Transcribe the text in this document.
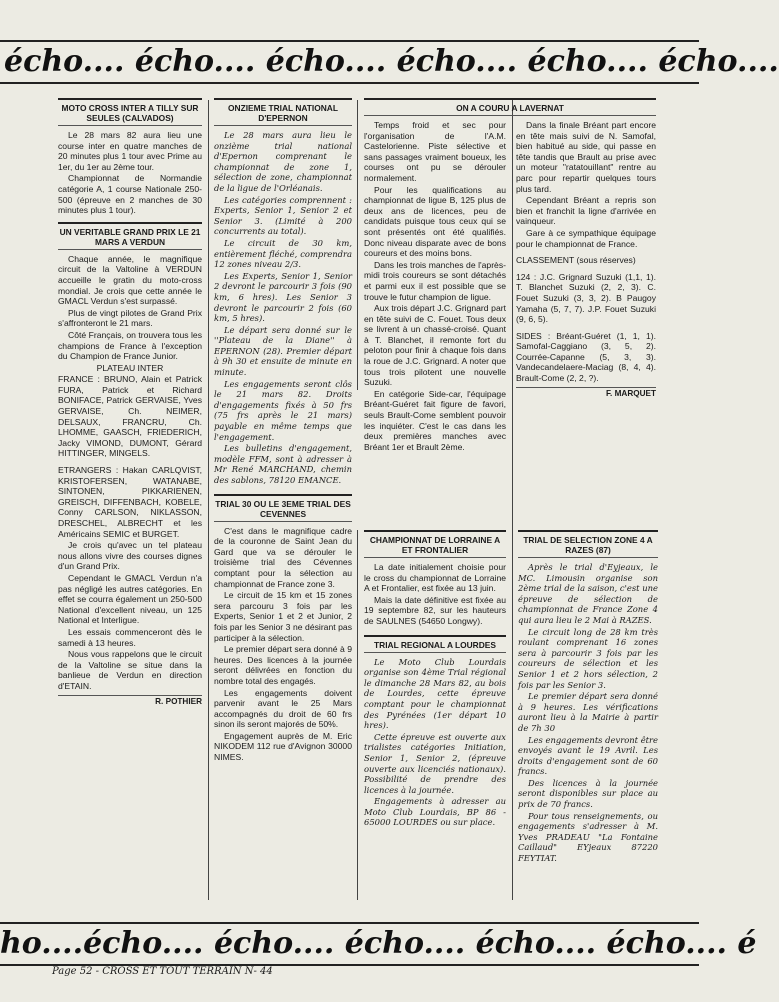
écho.... écho.... écho.... écho.... écho.... écho....
MOTO CROSS INTER A TILLY SUR SEULES (CALVADOS)

Le 28 mars 82 aura lieu une course inter en quatre manches de 20 minutes plus 1 tour avec Prime au 1er, du 1er au 2ème tour.

Championnat de Normandie catégorie A, 1 course Nationale 250-500 (épreuve en 2 manches de 30 minutes plus 1 tour).

UN VERITABLE GRAND PRIX LE 21 MARS A VERDUN

Chaque année, le magnifique circuit de la Valtoline à VERDUN accueille le gratin du moto-cross mondial. Je crois que cette année le GMACL Verdun s'est surpassé.

Plus de vingt pilotes de Grand Prix s'affronteront le 21 mars.

Côté Français, on trouvera tous les champions de France à l'exception du Champion de France Junior.

PLATEAU INTER

FRANCE : BRUNO, Alain et Patrick FURA, Patrick et Richard BONIFACE, Patrick GERVAISE, Yves GERVAISE, Ch. NEIMER, DELSAUX, FRANCRU, Ch. LHOMME, GAASCH, FRIEDERICH, Jacky VIMOND, DUMONT, Gérard HITTINGER, MINGELS.

ETRANGERS : Hakan CARLQVIST, KRISTOFERSEN, WATANABE, SINTONEN, PIKKARIENEN, GREISCH, DIFFENBACH, KOBELE, Conny CARLSON, NIKLASSON, DRESCHEL, ALBRECHT et les Américains SEMIC et BURGET.

Je crois qu'avec un tel plateau nous allons vivre des courses dignes d'un Grand Prix.

Cependant le GMACL Verdun n'a pas négligé les autres catégories. En effet se courra également un 250-500 National d'excellent niveau, un 125 National et Interligue.

Les essais commenceront dès le samedi à 13 heures.

Nous vous rappelons que le circuit de la Valtoline se situe dans la banlieue de Verdun en direction d'ETAIN.

R. POTHIER
ONZIEME TRIAL NATIONAL D'EPERNON

Le 28 mars aura lieu le onzième trial national d'Epernon comprenant le championnat de zone 1, sélection de zone, championnat de la ligue de l'Orléanais.

Les catégories comprennent : Experts, Senior 1, Senior 2 et Senior 3. (Limité à 200 concurrents au total).

Le circuit de 30 km, entièrement fléché, comprendra 12 zones niveau 2/3.

Les Experts, Senior 1, Senior 2 devront le parcourir 3 fois (90 km, 6 hres). Les Senior 3 devront le parcourir 2 fois (60 km, 5 hres).

Le départ sera donné sur le ''Plateau de la Diane'' à EPERNON (28). Premier départ à 9h 30 et ensuite de minute en minute.

Les engagements seront clôs le 21 mars 82. Droits d'engagements fixés à 50 frs (75 frs après le 21 mars) payable en même temps que l'engagement.

Les bulletins d'engagement, modèle FFM, sont à adresser à Mr René MARCHAND, chemin des sablons, 78120 EMANCE.

TRIAL 30 OU LE 3EME TRIAL DES CEVENNES

C'est dans le magnifique cadre de la couronne de Saint Jean du Gard que va se dérouler le troisième trial des Cévennes comptant pour la sélection au championnat de France zone 3.

Le circuit de 15 km et 15 zones sera parcouru 3 fois par les Experts, Senior 1 et 2 et Junior, 2 fois par les Senior 3 ne désirant pas participer à la sélection.

Le premier départ sera donné à 9 heures. Des licences à la journée seront délivrées en fonction du nombre total des engagés.

Les engagements doivent parvenir avant le 25 Mars accompagnés du droit de 60 frs sinon ils seront majorés de 50%.

Engagement auprès de M. Eric NIKODEM 112 rue d'Avignon 30000 NIMES.

ON A COURU A LAVERNAT

Temps froid et sec pour l'organisation de l'A.M. Castelorienne. Piste sélective et sans passages vraiment boueux, les courses ont pu se dérouler normalement.

Pour les qualifications au championnat de ligue B, 125 plus de deux ans de licences, peu de candidats puisque tous ceux qui se sont présentés ont été qualifiés. Donc niveau disparate avec de bons coureurs et des moins bons.

Dans les trois manches de l'après-midi trois coureurs se sont détachés et parmi eux il est possible que se trouve le futur champion de ligue.

Aux trois départ J.C. Grignard part en tête suivi de C. Fouet. Tous deux se livrent à un chassé-croisé. Quant à T. Blanchet, il remonte fort du peloton pour finir à chaque fois dans la roue de J.C. Grignard. A noter que tous trois pilotent une nouvelle Suzuki.

En catégorie Side-car, l'équipage Bréant-Guéret fait figure de favori, seuls Brault-Come semblent pouvoir les inquiéter. C'est le cas dans les deux premières manches avec Bréant 1er et Brault 2ème.

Dans la finale Bréant part encore en tête mais suivi de N. Samofal, bien habitué au side, qui passe en tête tandis que Brault au prise avec un moteur "ratatouillant" rentre au parc pour repartir quelques tours plus tard.

Cependant Bréant a repris son bien et franchit la ligne d'arrivée en vainqueur.

Gare à ce sympathique équipage pour le championnat de France.

CLASSEMENT (sous réserves)

124 : J.C. Grignard Suzuki (1,1, 1). T. Blanchet Suzuki (2, 2, 3). C. Fouet Suzuki (3, 3, 2). B Paugoy Yamaha (5, 7, 7). J.P. Fouet Suzuki (9, 6, 5).

SIDES : Bréant-Guéret (1, 1, 1). Samofal-Caggiano (3, 5, 2). Courrée-Capanne (5, 3, 3). Vandecandelaere-Maciag (8, 4, 4). Brault-Come (2, 2, ?).

F. MARQUET
CHAMPIONNAT DE LORRAINE A ET FRONTALIER

La date initialement choisie pour le cross du championnat de Lorraine A et Frontalier, est fixée au 13 juin.

Mais la date définitive est fixée au 19 septembre 82, sur les hauteurs de SAULNES (54650 Longwy).

TRIAL REGIONAL A LOURDES

Le Moto Club Lourdais organise son 4ème Trial régional le dimanche 28 Mars 82, au bois de Lourdes, cette épreuve comptant pour le championnat des Pyrénées (1er départ 10 hres).

Cette épreuve est ouverte aux trialistes catégories Initiation, Senior 1, Senior 2, (épreuve ouverte aux licenciés nationaux). Possibilité de prendre des licences à la journée.

Engagements à adresser au Moto Club Lourdais, BP 86 - 65000 LOURDES ou sur place.

TRIAL DE SELECTION ZONE 4 A RAZES (87)

Après le trial d'Eyjeaux, le MC. Limousin organise son 2ème trial de la saison, c'est une épreuve de sélection de championnat de France Zone 4 qui aura lieu le 2 Mai à RAZES.

Le circuit long de 28 km très roulant comprenant 16 zones sera à parcourir 3 fois par les coureurs de sélection et les Senior 1 et 2 hors sélection, 2 fois par les Senior 3.

Le premier départ sera donné à 9 heures. Les vérifications auront lieu à la Mairie à partir de 7h 30

Les engagements devront être envoyés avant le 19 Avril. Les droits d'engagement sont de 60 francs.

Des licences à la journée seront disponibles sur place au prix de 70 francs.

Pour tous renseignements, ou engagements s'adresser à M. Yves PRADEAU "La Fontaine Caillaud" EYjeaux 87220 FEYTIAT.

ho....écho.... écho.... écho.... écho.... écho.... é
Page 52 - CROSS ET TOUT TERRAIN N- 44
